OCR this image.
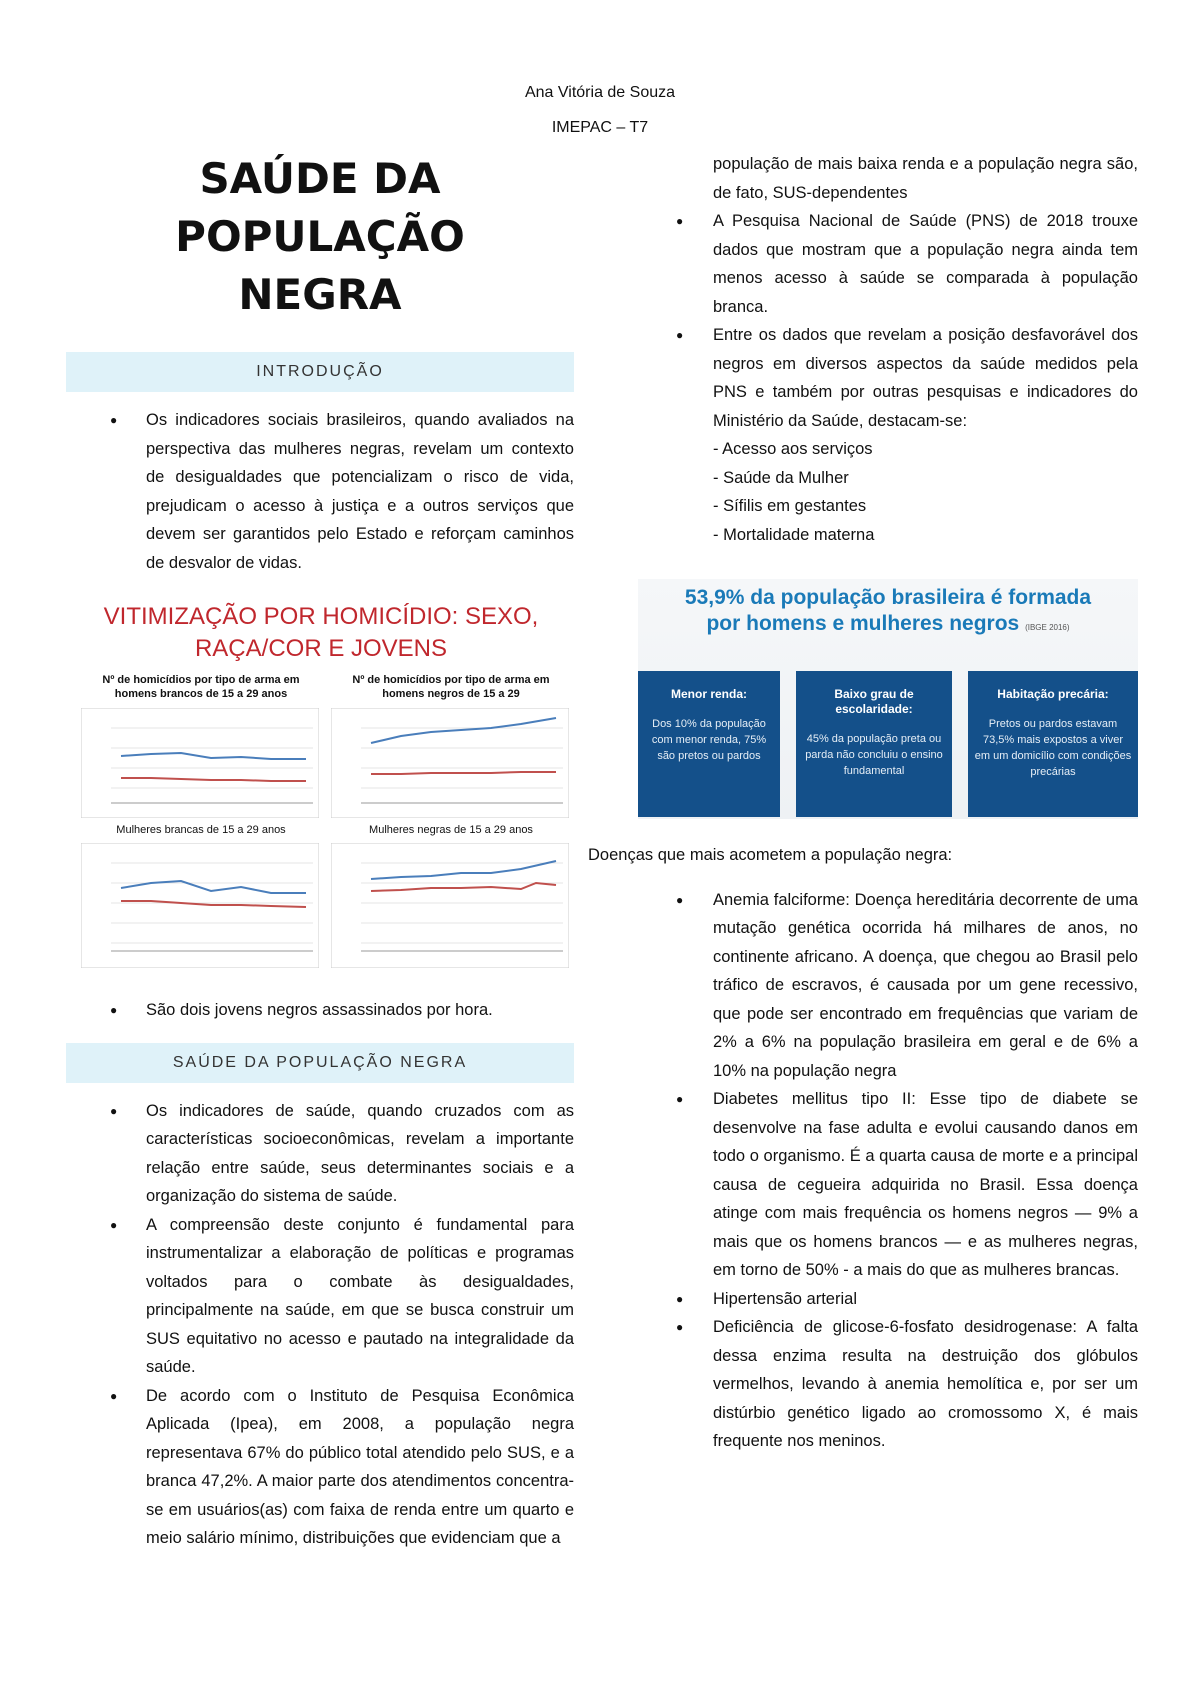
Ana Vitória de Souza
IMEPAC – T7
SAÚDE DA
POPULAÇÃO
NEGRA
INTRODUÇÃO
● Os indicadores sociais brasileiros, quando avaliados na perspectiva das mulheres negras, revelam um contexto de desigualdades que potencializam o risco de vida, prejudicam o acesso à justiça e a outros serviços que devem ser garantidos pelo Estado e reforçam caminhos de desvalor de vidas.

VITIMIZAÇÃO POR HOMICÍDIO: SEXO,
RAÇA/COR E JOVENS

Nº de homicídios por tipo de arma em homens brancos de 15 a 29 anos
Nº de homicídios por tipo de arma em homens negros de 15 a 29
Mulheres brancas de 15 a 29 anos	Mulheres negras de 15 a 29 anos
● São dois jovens negros assassinados por hora.
SAÚDE DA POPULAÇÃO NEGRA
● Os indicadores de saúde, quando cruzados com as características socioeconômicas, revelam a importante relação entre saúde, seus determinantes sociais e a organização do sistema de saúde.
● A compreensão deste conjunto é fundamental para instrumentalizar a elaboração de políticas e programas voltados para o combate às desigualdades, principalmente na saúde, em que se busca construir um SUS equitativo no acesso e pautado na integralidade da saúde.
● De acordo com o Instituto de Pesquisa Econômica Aplicada (Ipea), em 2008, a população negra representava 67% do público total atendido pelo SUS, e a branca 47,2%. A maior parte dos atendimentos concentra-se em usuários(as) com faixa de renda entre um quarto e meio salário mínimo, distribuições que evidenciam que a
população de mais baixa renda e a população negra são, de fato, SUS-dependentes
● A Pesquisa Nacional de Saúde (PNS) de 2018 trouxe dados que mostram que a população negra ainda tem menos acesso à saúde se comparada à população branca.
● Entre os dados que revelam a posição desfavorável dos negros em diversos aspectos da saúde medidos pela PNS e também por outras pesquisas e indicadores do Ministério da Saúde, destacam-se:
- Acesso aos serviços
- Saúde da Mulher
- Sífilis em gestantes
- Mortalidade materna
53,9% da população brasileira é formada
por homens e mulheres negros (IBGE 2016)
Menor renda:
Dos 10% da população com menor renda, 75% são pretos ou pardos
Baixo grau de escolaridade:
45% da população preta ou parda não concluiu o ensino fundamental
Habitação precária:
Pretos ou pardos estavam 73,5% mais expostos a viver em um domicílio com condições precárias
Doenças que mais acometem a população negra:
● Anemia falciforme: Doença hereditária decorrente de uma mutação genética ocorrida há milhares de anos, no continente africano. A doença, que chegou ao Brasil pelo tráfico de escravos, é causada por um gene recessivo, que pode ser encontrado em frequências que variam de 2% a 6% na população brasileira em geral e de 6% a 10% na população negra
● Diabetes mellitus tipo II: Esse tipo de diabete se desenvolve na fase adulta e evolui causando danos em todo o organismo. É a quarta causa de morte e a principal causa de cegueira adquirida no Brasil. Essa doença atinge com mais frequência os homens negros — 9% a mais que os homens brancos — e as mulheres negras, em torno de 50% - a mais do que as mulheres brancas.
● Hipertensão arterial
● Deficiência de glicose-6-fosfato desidrogenase: A falta dessa enzima resulta na destruição dos glóbulos vermelhos, levando à anemia hemolítica e, por ser um distúrbio genético ligado ao cromossomo X, é mais frequente nos meninos.
